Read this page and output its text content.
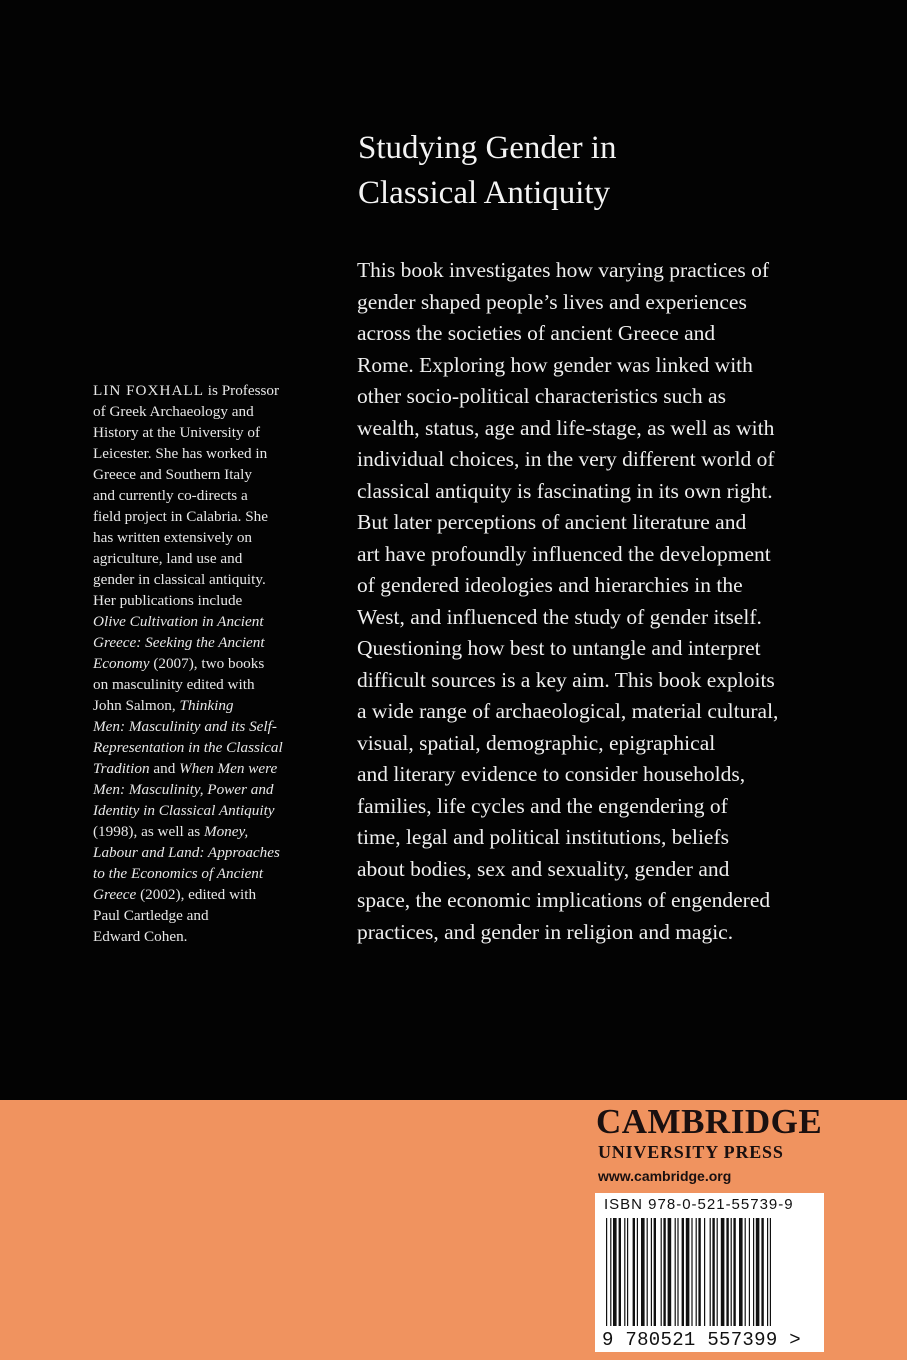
Studying Gender in
Classical Antiquity
This book investigates how varying practices of
gender shaped people’s lives and experiences
across the societies of ancient Greece and
Rome. Exploring how gender was linked with
other socio-political characteristics such as
wealth, status, age and life-stage, as well as with
individual choices, in the very different world of
classical antiquity is fascinating in its own right.
But later perceptions of ancient literature and
art have profoundly influenced the development
of gendered ideologies and hierarchies in the
West, and influenced the study of gender itself.
Questioning how best to untangle and interpret
difficult sources is a key aim. This book exploits
a wide range of archaeological, material cultural,
visual, spatial, demographic, epigraphical
and literary evidence to consider households,
families, life cycles and the engendering of
time, legal and political institutions, beliefs
about bodies, sex and sexuality, gender and
space, the economic implications of engendered
practices, and gender in religion and magic.
LIN FOXHALL is Professor
of Greek Archaeology and
History at the University of
Leicester. She has worked in
Greece and Southern Italy
and currently co-directs a
field project in Calabria. She
has written extensively on
agriculture, land use and
gender in classical antiquity.
Her publications include
Olive Cultivation in Ancient
Greece: Seeking the Ancient
Economy (2007), two books
on masculinity edited with
John Salmon, Thinking
Men: Masculinity and its Self-
Representation in the Classical
Tradition and When Men were
Men: Masculinity, Power and
Identity in Classical Antiquity
(1998), as well as Money,
Labour and Land: Approaches
to the Economics of Ancient
Greece (2002), edited with
Paul Cartledge and
Edward Cohen.
CAMBRIDGE
UNIVERSITY PRESS
www.cambridge.org
ISBN 978-0-521-55739-9
9 780521 557399 >
